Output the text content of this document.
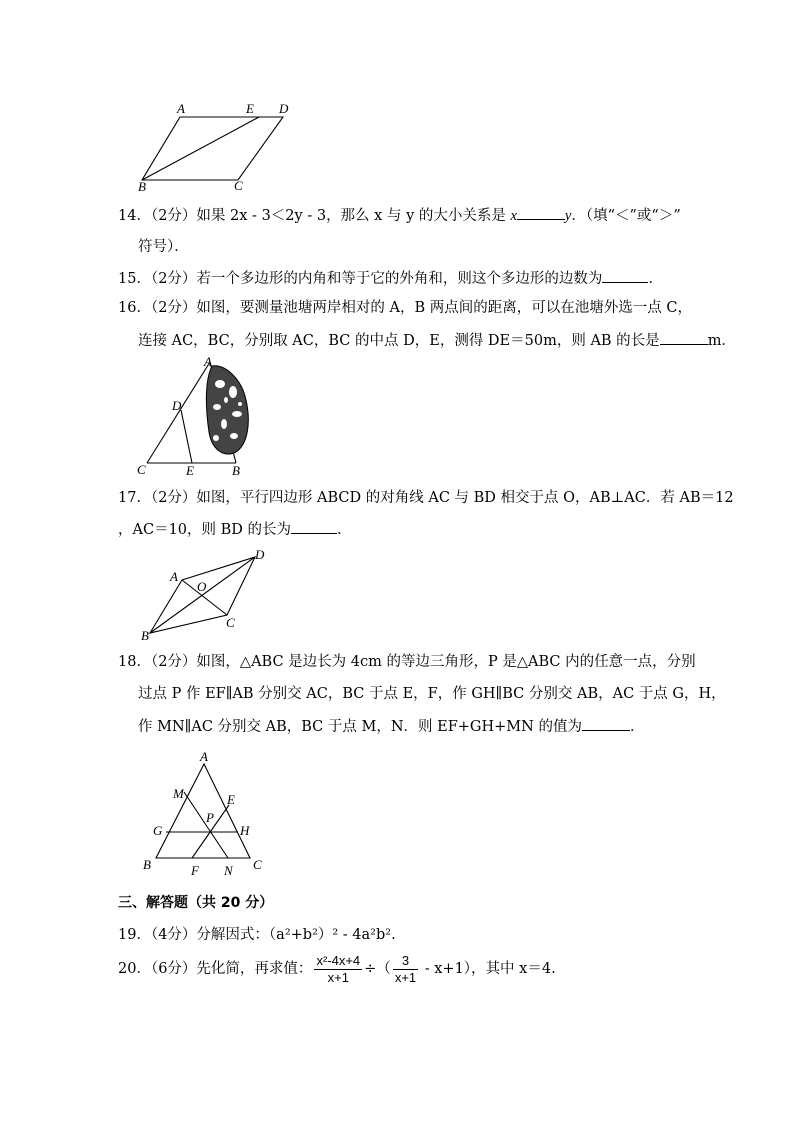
A	E D
B	C
14．（2分）如果 2x - 3＜2y - 3，那么 x 与 y 的大小关系是 x	y．（填“＜”或“＞”
符号）．
15．（2分）若一个多边形的内角和等于它的外角和，则这个多边形的边数为	．
16．（2分）如图，要测量池塘两岸相对的 A，B 两点间的距离，可以在池塘外选一点 C，
连接 AC，BC，分别取 AC，BC 的中点 D，E，测得 DE＝50m，则 AB 的长是	m．
A
D
C	E	B
17．（2分）如图，平行四边形 ABCD 的对角线 AC 与 BD 相交于点 O，AB⊥AC．若 AB＝12
，AC＝10，则 BD 的长为	．
A
O
D
B
C
18．（2分）如图，△ABC 是边长为 4cm 的等边三角形，P 是△ABC 内的任意一点，分别
过点 P 作 EF∥AB 分别交 AC，BC 于点 E，F，作 GH∥BC 分别交 AB，AC 于点 G，H，
作 MN∥AC 分别交 AB，BC 于点 M，N．则 EF+GH+MN 的值为	．
A
M	E
P
G	H
B	F N C
三、解答题（共 20 分）
19．（4分）分解因式：（a²+b²）² - 4a²b².
20．（6分）先化简，再求值： $\frac{\text{x²-4x+4}}{x+1}$ ÷（ $\frac{3}{x+1} - x+1$），其中 x＝4.
